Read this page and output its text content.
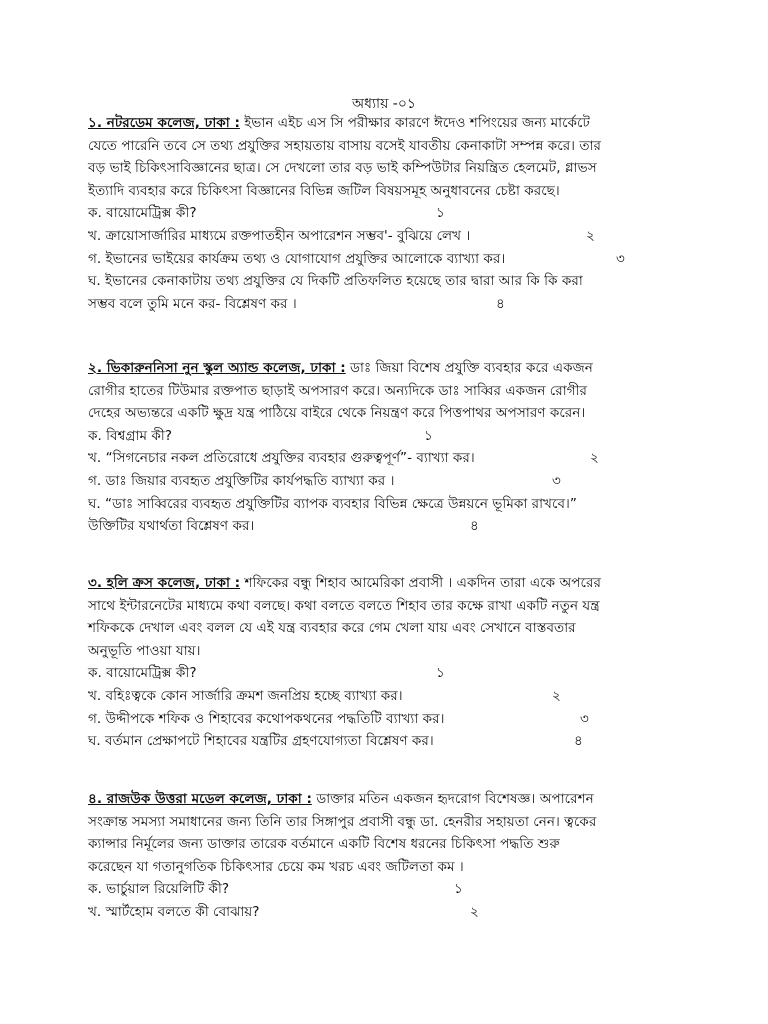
অধ্যায় -০১
১. নটরডেম কলেজ, ঢাকা : ইভান এইচ এস সি পরীক্ষার কারণে ঈদেও শপিংয়ের জন্য মার্কেটে
যেতে পারেনি তবে সে তথ্য প্রযুক্তির সহায়তায় বাসায় বসেই যাবতীয় কেনাকাটা সম্পন্ন করে। তার
বড় ভাই চিকিৎসাবিজ্ঞানের ছাত্র। সে দেখলো তার বড় ভাই কম্পিউটার নিয়ন্ত্রিত হেলমেট, গ্লাভস
ইত্যাদি ব্যবহার করে চিকিৎসা বিজ্ঞানের বিভিন্ন জটিল বিষয়সমূহ অনুধাবনের চেষ্টা করছে।
ক. বায়োমেট্রিক্স কী?	১
খ. ক্রায়োসার্জারির মাধ্যমে রক্তপাতহীন অপারেশন সম্ভব'- বুঝিয়ে লেখ ।	২
গ. ইভানের ভাইয়ের কার্যক্রম তথ্য ও যোগাযোগ প্রযুক্তির আলোকে ব্যাখ্যা কর।	৩
ঘ. ইভানের কেনাকাটায় তথ্য প্রযুক্তির যে দিকটি প্রতিফলিত হয়েছে তার দ্বারা আর কি কি করা
সম্ভব বলে তুমি মনে কর- বিশ্লেষণ কর ।	৪
২. ভিকারুননিসা নুন স্কুল অ্যান্ড কলেজ, ঢাকা : ডাঃ জিয়া বিশেষ প্রযুক্তি ব্যবহার করে একজন
রোগীর হাতের টিউমার রক্তপাত ছাড়াই অপসারণ করে। অন্যদিকে ডাঃ সাব্বির একজন রোগীর
দেহের অভ্যন্তরে একটি ক্ষুদ্র যন্ত্র পাঠিয়ে বাইরে থেকে নিয়ন্ত্রণ করে পিত্তপাথর অপসারণ করেন।
ক. বিশ্বগ্রাম কী?	১
খ. “সিগনেচার নকল প্রতিরোধে প্রযুক্তির ব্যবহার গুরুত্বপূর্ণ”- ব্যাখ্যা কর।	২
গ. ডাঃ জিয়ার ব্যবহৃত প্রযুক্তিটির কার্যপদ্ধতি ব্যাখ্যা কর ।	৩
ঘ. “ডাঃ সাব্বিরের ব্যবহৃত প্রযুক্তিটির ব্যাপক ব্যবহার বিভিন্ন ক্ষেত্রে উন্নয়নে ভূমিকা রাখবে।”
উক্তিটির যথার্থতা বিশ্লেষণ কর।	৪
৩. হলি ক্রস কলেজ, ঢাকা : শফিকের বন্ধু শিহাব আমেরিকা প্রবাসী । একদিন তারা একে অপরের
সাথে ইন্টারনেটের মাধ্যমে কথা বলছে। কথা বলতে বলতে শিহাব তার কক্ষে রাখা একটি নতুন যন্ত্র
শফিককে দেখাল এবং বলল যে এই যন্ত্র ব্যবহার করে গেম খেলা যায় এবং সেখানে বাস্তবতার
অনুভূতি পাওয়া যায়।
ক. বায়োমেট্রিক্স কী?	১
খ. বহিঃত্বকে কোন সার্জারি ক্রমশ জনপ্রিয় হচ্ছে ব্যাখ্যা কর।	২
গ. উদ্দীপকে শফিক ও শিহাবের কথোপকথনের পদ্ধতিটি ব্যাখ্যা কর।	৩
ঘ. বর্তমান প্রেক্ষাপটে শিহাবের যন্ত্রটির গ্রহণযোগ্যতা বিশ্লেষণ কর।	৪
৪. রাজউক উত্তরা মডেল কলেজ, ঢাকা : ডাক্তার মতিন একজন হৃদরোগ বিশেষজ্ঞ। অপারেশন
সংক্রান্ত সমস্যা সমাধানের জন্য তিনি তার সিঙ্গাপুর প্রবাসী বন্ধু ডা. হেনরীর সহায়তা নেন। ত্বকের
ক্যান্সার নির্মূলের জন্য ডাক্তার তারেক বর্তমানে একটি বিশেষ ধরনের চিকিৎসা পদ্ধতি শুরু
করেছেন যা গতানুগতিক চিকিৎসার চেয়ে কম খরচ এবং জটিলতা কম ।
ক. ভার্চুয়াল রিয়েলিটি কী?	১
খ. স্মার্টহোম বলতে কী বোঝায়?	২
